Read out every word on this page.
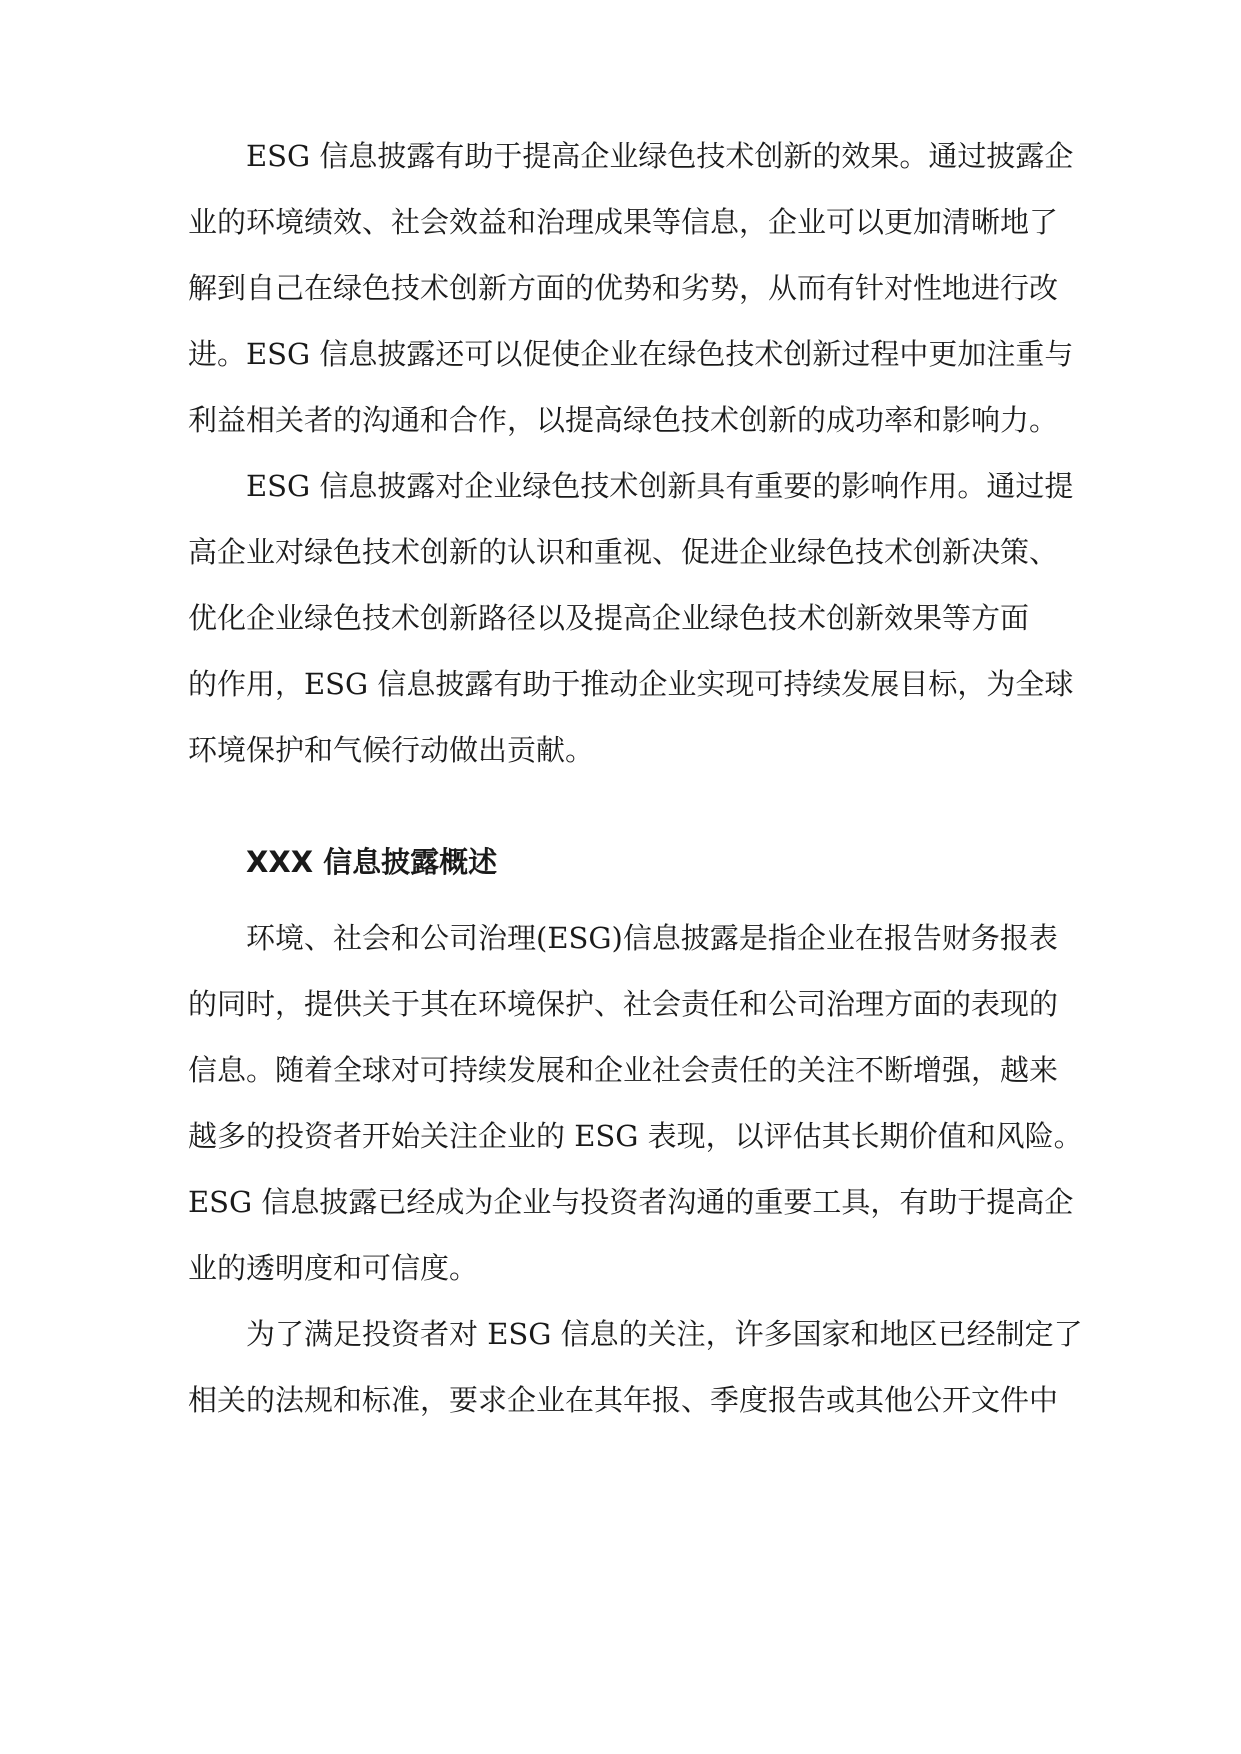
ESG 信息披露有助于提高企业绿色技术创新的效果。通过披露企
业的环境绩效、社会效益和治理成果等信息，企业可以更加清晰地了
解到自己在绿色技术创新方面的优势和劣势，从而有针对性地进行改
进。ESG 信息披露还可以促使企业在绿色技术创新过程中更加注重与
利益相关者的沟通和合作，以提高绿色技术创新的成功率和影响力。
ESG 信息披露对企业绿色技术创新具有重要的影响作用。通过提
高企业对绿色技术创新的认识和重视、促进企业绿色技术创新决策、
优化企业绿色技术创新路径以及提高企业绿色技术创新效果等方面
的作用，ESG 信息披露有助于推动企业实现可持续发展目标，为全球
环境保护和气候行动做出贡献。
XXX 信息披露概述
环境、社会和公司治理(ESG)信息披露是指企业在报告财务报表
的同时，提供关于其在环境保护、社会责任和公司治理方面的表现的
信息。随着全球对可持续发展和企业社会责任的关注不断增强，越来
越多的投资者开始关注企业的 ESG 表现，以评估其长期价值和风险。
ESG 信息披露已经成为企业与投资者沟通的重要工具，有助于提高企
业的透明度和可信度。
为了满足投资者对 ESG 信息的关注，许多国家和地区已经制定了
相关的法规和标准，要求企业在其年报、季度报告或其他公开文件中
